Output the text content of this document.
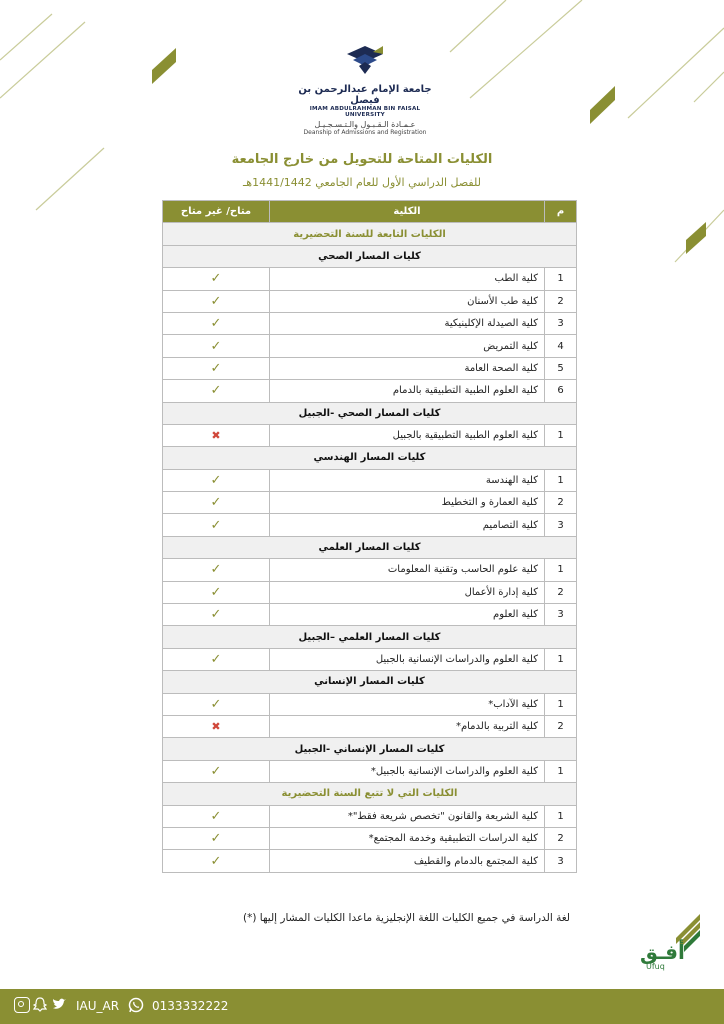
جامعة الإمام عبدالرحمن بن فيصل
IMAM ABDULRAHMAN BIN FAISAL UNIVERSITY
عـمـادة الـقـبـول والـتـسـجـيـل
Deanship of Admissions and Registration
الكليات المتاحة للتحويل من خارج الجامعة
للفصل الدراسي الأول للعام الجامعي 1441/1442هـ
م	الكلية	متاح/ غير متاح
الكليات التابعة للسنة التحضيرية		
كليات المسار الصحي		
1	كلية الطب	✓
2	كلية طب الأسنان	✓
3	كلية الصيدلة الإكلينيكية	✓
4	كلية التمريض	✓
5	كلية الصحة العامة	✓
6	كلية العلوم الطبية التطبيقية بالدمام	✓
كليات المسار الصحي -الجبيل		
1	كلية العلوم الطبية التطبيقية بالجبيل	✖
كليات المسار الهندسي		
1	كلية الهندسة	✓
2	كلية العمارة و التخطيط	✓
3	كلية التصاميم	✓
كليات المسار العلمي		
1	كلية علوم الحاسب وتقنية المعلومات	✓
2	كلية إدارة الأعمال	✓
3	كلية العلوم	✓
كليات المسار العلمي –الجبيل		
1	كلية العلوم والدراسات الإنسانية بالجبيل	✓
كليات المسار الإنساني		
1	كلية الآداب*	✓
2	كلية التربية بالدمام*	✖
كليات المسار الإنساني -الجبيل		
1	كلية العلوم والدراسات الإنسانية بالجبيل*	✓
الكليات التي لا تتبع السنة التحضيرية		
1	كلية الشريعة والقانون "تخصص شريعة فقط"*	✓
2	كلية الدراسات التطبيقية وخدمة المجتمع*	✓
3	كلية المجتمع بالدمام والقطيف	✓
لغة الدراسة في جميع الكليات اللغة الإنجليزية ماعدا الكليات المشار إليها (*)
أفـق
Ufuq
IAU_AR	0133332222
